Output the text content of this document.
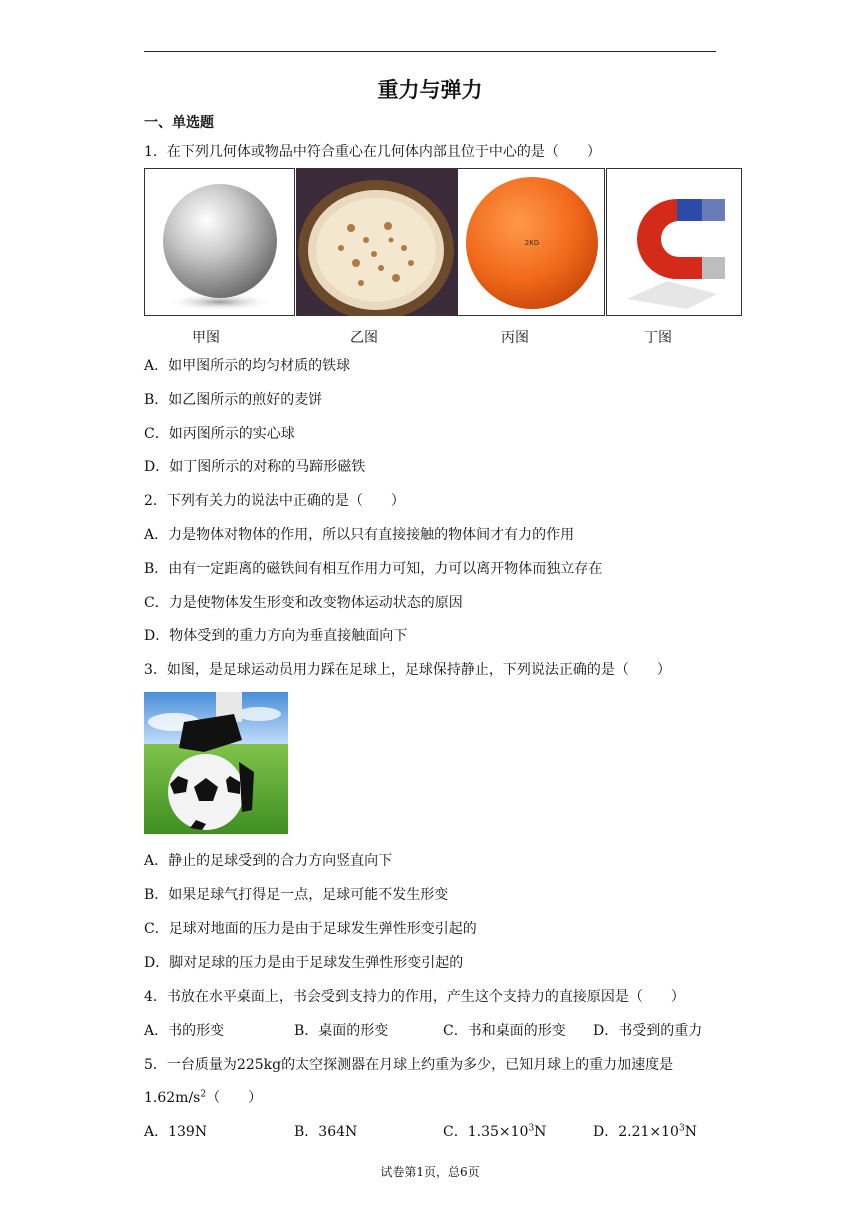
重力与弹力
一、单选题
1．在下列几何体或物品中符合重心在几何体内部且位于中心的是（　　）
2KG
甲图	乙图	丙图	丁图
A．如甲图所示的均匀材质的铁球
B．如乙图所示的煎好的麦饼
C．如丙图所示的实心球
D．如丁图所示的对称的马蹄形磁铁
2．下列有关力的说法中正确的是（　　）
A．力是物体对物体的作用，所以只有直接接触的物体间才有力的作用
B．由有一定距离的磁铁间有相互作用力可知，力可以离开物体而独立存在
C．力是使物体发生形变和改变物体运动状态的原因
D．物体受到的重力方向为垂直接触面向下
3．如图，是足球运动员用力踩在足球上，足球保持静止，下列说法正确的是（　　）
A．静止的足球受到的合力方向竖直向下
B．如果足球气打得足一点，足球可能不发生形变
C．足球对地面的压力是由于足球发生弹性形变引起的
D．脚对足球的压力是由于足球发生弹性形变引起的
4．书放在水平桌面上，书会受到支持力的作用，产生这个支持力的直接原因是（　　）
A．书的形变	B．桌面的形变	C．书和桌面的形变 D．书受到的重力
5．一台质量为225kg的太空探测器在月球上约重为多少，已知月球上的重力加速度是
$1.62m/s^2$（　　）
A．139N	B．364N	C．$1.35\times 10^3N$	D．$2.21\times 10^3N$
试卷第1页，总6页
